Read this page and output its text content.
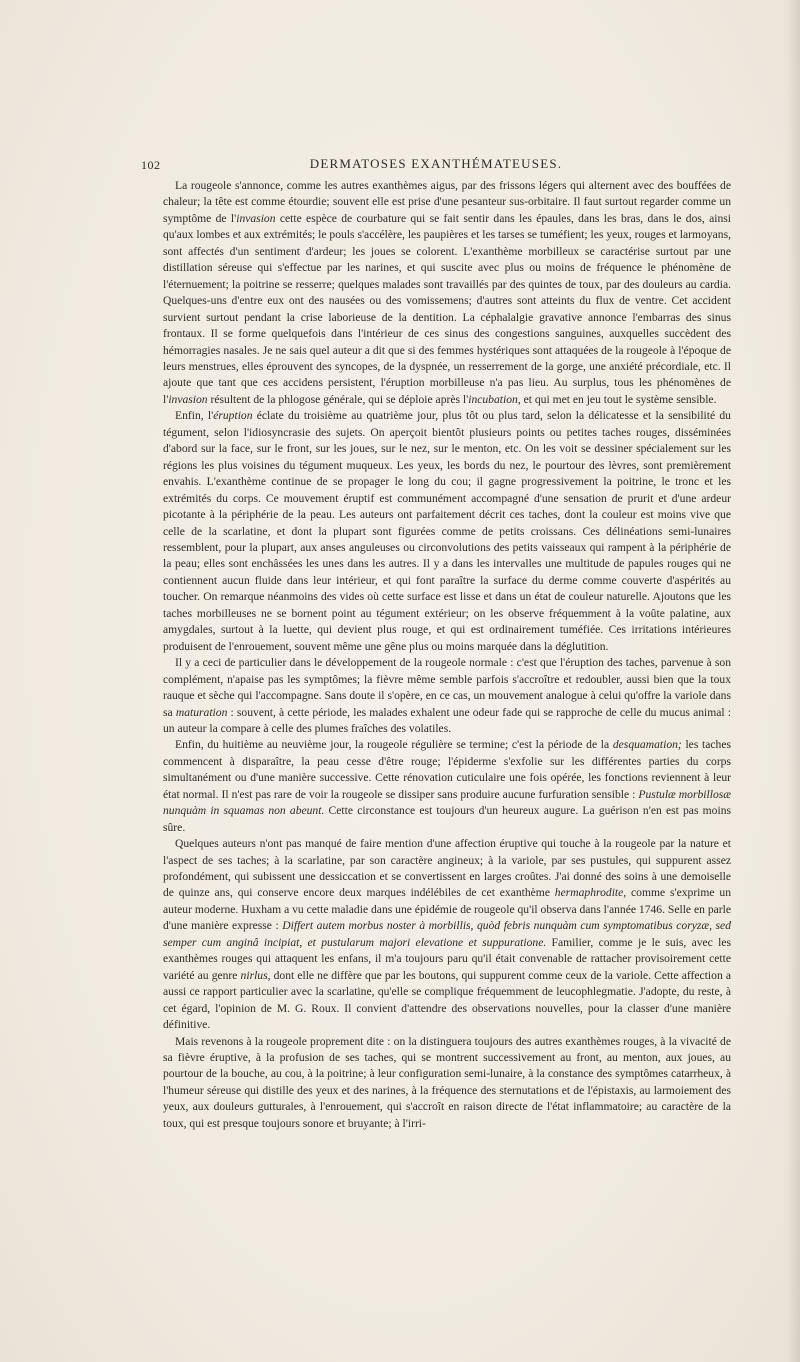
102	DERMATOSES EXANTHÉMATEUSES.

La rougeole s'annonce, comme les autres exanthèmes aigus, par des frissons légers qui alternent avec des bouffées de chaleur; la tête est comme étourdie; souvent elle est prise d'une pesanteur sus-orbitaire. Il faut surtout regarder comme un symptôme de l'invasion cette espèce de courbature qui se fait sentir dans les épaules, dans les bras, dans le dos, ainsi qu'aux lombes et aux extrémités; le pouls s'accélère, les paupières et les tarses se tuméfient; les yeux, rouges et larmoyans, sont affectés d'un sentiment d'ardeur; les joues se colorent. L'exanthème morbilleux se caractérise surtout par une distillation séreuse qui s'effectue par les narines, et qui suscite avec plus ou moins de fréquence le phénomène de l'éternuement; la poitrine se resserre; quelques malades sont travaillés par des quintes de toux, par des douleurs au cardia. Quelques-uns d'entre eux ont des nausées ou des vomissemens; d'autres sont atteints du flux de ventre. Cet accident survient surtout pendant la crise laborieuse de la dentition. La céphalalgie gravative annonce l'embarras des sinus frontaux. Il se forme quelquefois dans l'intérieur de ces sinus des congestions sanguines, auxquelles succèdent des hémorragies nasales. Je ne sais quel auteur a dit que si des femmes hystériques sont attaquées de la rougeole à l'époque de leurs menstrues, elles éprouvent des syncopes, de la dyspnée, un resserrement de la gorge, une anxiété précordiale, etc. Il ajoute que tant que ces accidens persistent, l'éruption morbilleuse n'a pas lieu. Au surplus, tous les phénomènes de l'invasion résultent de la phlogose générale, qui se déploie après l'incubation, et qui met en jeu tout le système sensible.

Enfin, l'éruption éclate du troisième au quatrième jour, plus tôt ou plus tard, selon la délicatesse et la sensibilité du tégument, selon l'idiosyncrasie des sujets. On aperçoit bientôt plusieurs points ou petites taches rouges, disséminées d'abord sur la face, sur le front, sur les joues, sur le nez, sur le menton, etc. On les voit se dessiner spécialement sur les régions les plus voisines du tégument muqueux. Les yeux, les bords du nez, le pourtour des lèvres, sont premièrement envahis. L'exanthème continue de se propager le long du cou; il gagne progressivement la poitrine, le tronc et les extrémités du corps. Ce mouvement éruptif est communément accompagné d'une sensation de prurit et d'une ardeur picotante à la périphérie de la peau. Les auteurs ont parfaitement décrit ces taches, dont la couleur est moins vive que celle de la scarlatine, et dont la plupart sont figurées comme de petits croissans. Ces délinéations semi-lunaires ressemblent, pour la plupart, aux anses anguleuses ou circonvolutions des petits vaisseaux qui rampent à la périphérie de la peau; elles sont enchâssées les unes dans les autres. Il y a dans les intervalles une multitude de papules rouges qui ne contiennent aucun fluide dans leur intérieur, et qui font paraître la surface du derme comme couverte d'aspérités au toucher. On remarque néanmoins des vides où cette surface est lisse et dans un état de couleur naturelle. Ajoutons que les taches morbilleuses ne se bornent point au tégument extérieur; on les observe fréquemment à la voûte palatine, aux amygdales, surtout à la luette, qui devient plus rouge, et qui est ordinairement tuméfiée. Ces irritations intérieures produisent de l'enrouement, souvent même une gêne plus ou moins marquée dans la déglutition.

Il y a ceci de particulier dans le développement de la rougeole normale : c'est que l'éruption des taches, parvenue à son complément, n'apaise pas les symptômes; la fièvre même semble parfois s'accroître et redoubler, aussi bien que la toux rauque et sèche qui l'accompagne. Sans doute il s'opère, en ce cas, un mouvement analogue à celui qu'offre la variole dans sa maturation : souvent, à cette période, les malades exhalent une odeur fade qui se rapproche de celle du mucus animal : un auteur la compare à celle des plumes fraîches des volatiles.

Enfin, du huitième au neuvième jour, la rougeole régulière se termine; c'est la période de la desquamation; les taches commencent à disparaître, la peau cesse d'être rouge; l'épiderme s'exfolie sur les différentes parties du corps simultanément ou d'une manière successive. Cette rénovation cuticulaire une fois opérée, les fonctions reviennent à leur état normal. Il n'est pas rare de voir la rougeole se dissiper sans produire aucune furfuration sensible : Pustulæ morbillosæ nunquàm in squamas non abeunt. Cette circonstance est toujours d'un heureux augure. La guérison n'en est pas moins sûre.

Quelques auteurs n'ont pas manqué de faire mention d'une affection éruptive qui touche à la rougeole par la nature et l'aspect de ses taches; à la scarlatine, par son caractère angineux; à la variole, par ses pustules, qui suppurent assez profondément, qui subissent une dessiccation et se convertissent en larges croûtes. J'ai donné des soins à une demoiselle de quinze ans, qui conserve encore deux marques indélébiles de cet exanthème hermaphrodite, comme s'exprime un auteur moderne. Huxham a vu cette maladie dans une épidémie de rougeole qu'il observa dans l'année 1746. Selle en parle d'une manière expresse : Differt autem morbus noster à morbillis, quòd febris nunquàm cum symptomatibus coryzæ, sed semper cum anginâ incipiat, et pustularum majori elevatione et suppuratione. Familier, comme je le suis, avec les exanthèmes rouges qui attaquent les enfans, il m'a toujours paru qu'il était convenable de rattacher provisoirement cette variété au genre nirlus, dont elle ne diffère que par les boutons, qui suppurent comme ceux de la variole. Cette affection a aussi ce rapport particulier avec la scarlatine, qu'elle se complique fréquemment de leucophlegmatie. J'adopte, du reste, à cet égard, l'opinion de M. G. Roux. Il convient d'attendre des observations nouvelles, pour la classer d'une manière définitive.

Mais revenons à la rougeole proprement dite : on la distinguera toujours des autres exanthèmes rouges, à la vivacité de sa fièvre éruptive, à la profusion de ses taches, qui se montrent successivement au front, au menton, aux joues, au pourtour de la bouche, au cou, à la poitrine; à leur configuration semi-lunaire, à la constance des symptômes catarrheux, à l'humeur séreuse qui distille des yeux et des narines, à la fréquence des sternutations et de l'épistaxis, au larmoiement des yeux, aux douleurs gutturales, à l'enrouement, qui s'accroît en raison directe de l'état inflammatoire; au caractère de la toux, qui est presque toujours sonore et bruyante; à l'irri-
